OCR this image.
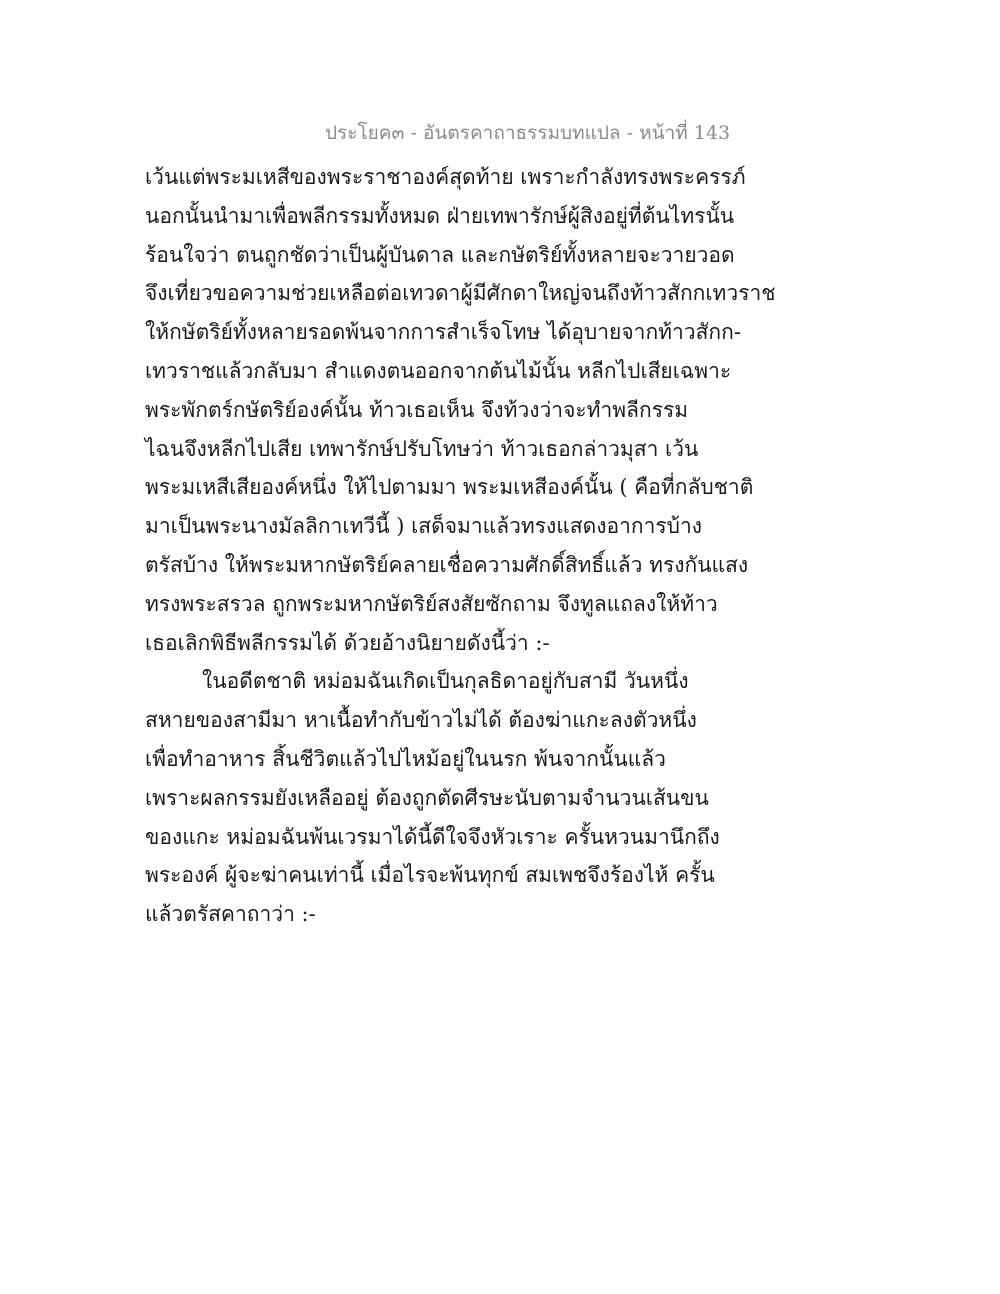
ประโยค๓ - อันตรคาถาธรรมบทแปล - หน้าที่ 143
เว้นแต่พระมเหสีของพระราชาองค์สุดท้าย เพราะกำลังทรงพระครรภ์
นอกนั้นนำมาเพื่อพลีกรรมทั้งหมด ฝ่ายเทพารักษ์ผู้สิงอยู่ที่ต้นไทรนั้น
ร้อนใจว่า ตนถูกชัดว่าเป็นผู้บันดาล และกษัตริย์ทั้งหลายจะวายวอด
จึงเที่ยวขอความช่วยเหลือต่อเทวดาผู้มีศักดาใหญ่จนถึงท้าวสักกเทวราช
ให้กษัตริย์ทั้งหลายรอดพ้นจากการสำเร็จโทษ ได้อุบายจากท้าวสักก-
เทวราชแล้วกลับมา สำแดงตนออกจากต้นไม้นั้น หลีกไปเสียเฉพาะ
พระพักตร์กษัตริย์องค์นั้น ท้าวเธอเห็น จึงท้วงว่าจะทำพลีกรรม
ไฉนจึงหลีกไปเสีย เทพารักษ์ปรับโทษว่า ท้าวเธอกล่าวมุสา เว้น
พระมเหสีเสียองค์หนึ่ง ให้ไปตามมา พระมเหสีองค์นั้น ( คือที่กลับชาติ
มาเป็นพระนางมัลลิกาเทวีนี้ ) เสด็จมาแล้วทรงแสดงอาการบ้าง
ตรัสบ้าง ให้พระมหากษัตริย์คลายเชื่อความศักดิ์สิทธิ์แล้ว ทรงกันแสง
ทรงพระสรวล ถูกพระมหากษัตริย์สงสัยซักถาม จึงทูลแถลงให้ท้าว
เธอเลิกพิธีพลีกรรมได้ ด้วยอ้างนิยายดังนี้ว่า :-
ในอดีตชาติ หม่อมฉันเกิดเป็นกุลธิดาอยู่กับสามี วันหนึ่ง
สหายของสามีมา หาเนื้อทำกับข้าวไม่ได้ ต้องฆ่าแกะลงตัวหนึ่ง
เพื่อทำอาหาร สิ้นชีวิตแล้วไปไหม้อยู่ในนรก พ้นจากนั้นแล้ว
เพราะผลกรรมยังเหลืออยู่ ต้องถูกตัดศีรษะนับตามจำนวนเส้นขน
ของแกะ หม่อมฉันพ้นเวรมาได้นี้ดีใจจึงหัวเราะ ครั้นหวนมานึกถึง
พระองค์ ผู้จะฆ่าคนเท่านี้ เมื่อไรจะพ้นทุกข์ สมเพชจึงร้องไห้ ครั้น
แล้วตรัสคาถาว่า :-
